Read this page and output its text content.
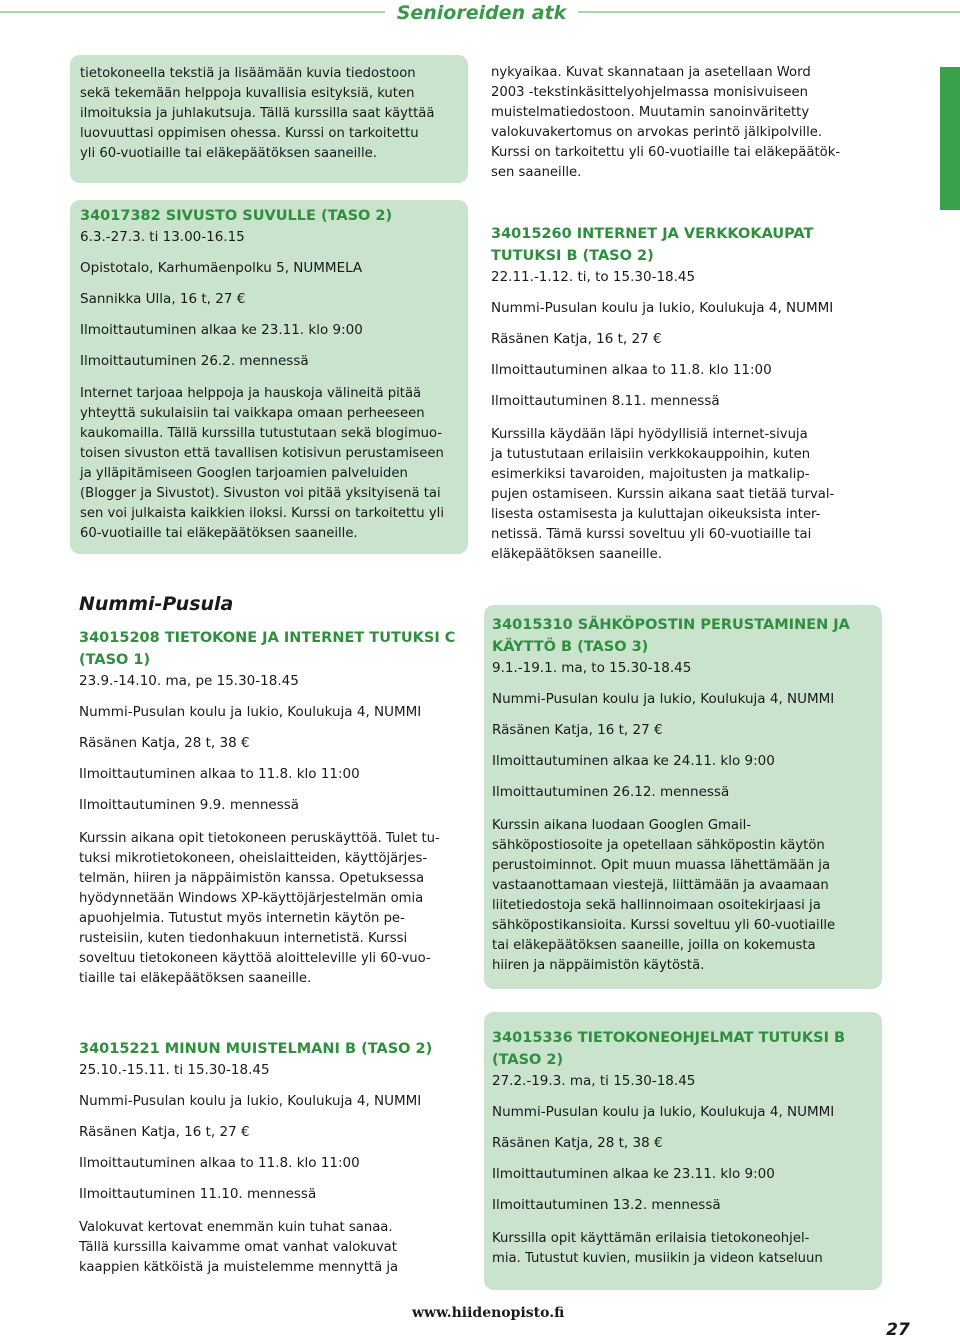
Senioreiden atk
tietokoneella tekstiä ja lisäämään kuvia tiedostoon
sekä tekemään helppoja kuvallisia esityksiä, kuten
ilmoituksia ja juhlakutsuja. Tällä kurssilla saat käyttää
luovuuttasi oppimisen ohessa. Kurssi on tarkoitettu
yli 60-vuotiaille tai eläkepäätöksen saaneille.
34017382 SIVUSTO SUVULLE (TASO 2)
6.3.-27.3. ti 13.00-16.15
Opistotalo, Karhumäenpolku 5, NUMMELA
Sannikka Ulla, 16 t, 27 €
Ilmoittautuminen alkaa ke 23.11. klo 9:00
Ilmoittautuminen 26.2. mennessä
Internet tarjoaa helppoja ja hauskoja välineitä pitää
yhteyttä sukulaisiin tai vaikkapa omaan perheeseen
kaukomailla. Tällä kurssilla tutustutaan sekä blogimuo-
toisen sivuston että tavallisen kotisivun perustamiseen
ja ylläpitämiseen Googlen tarjoamien palveluiden
(Blogger ja Sivustot). Sivuston voi pitää yksityisenä tai
sen voi julkaista kaikkien iloksi. Kurssi on tarkoitettu yli
60-vuotiaille tai eläkepäätöksen saaneille.
Nummi-Pusula
34015208 TIETOKONE JA INTERNET TUTUKSI C
(TASO 1)
23.9.-14.10. ma, pe 15.30-18.45
Nummi-Pusulan koulu ja lukio, Koulukuja 4, NUMMI
Räsänen Katja, 28 t, 38 €
Ilmoittautuminen alkaa to 11.8. klo 11:00
Ilmoittautuminen 9.9. mennessä
Kurssin aikana opit tietokoneen peruskäyttöä. Tulet tu-
tuksi mikrotietokoneen, oheislaitteiden, käyttöjärjes-
telmän, hiiren ja näppäimistön kanssa. Opetuksessa
hyödynnetään Windows XP-käyttöjärjestelmän omia
apuohjelmia. Tutustut myös internetin käytön pe-
rusteisiin, kuten tiedonhakuun internetistä. Kurssi
soveltuu tietokoneen käyttöä aloitteleville yli 60-vuo-
tiaille tai eläkepäätöksen saaneille.
34015221 MINUN MUISTELMANI B (TASO 2)
25.10.-15.11. ti 15.30-18.45
Nummi-Pusulan koulu ja lukio, Koulukuja 4, NUMMI
Räsänen Katja, 16 t, 27 €
Ilmoittautuminen alkaa to 11.8. klo 11:00
Ilmoittautuminen 11.10. mennessä
Valokuvat kertovat enemmän kuin tuhat sanaa.
Tällä kurssilla kaivamme omat vanhat valokuvat
kaappien kätköistä ja muistelemme mennyttä ja
nykyaikaa. Kuvat skannataan ja asetellaan Word
2003 -tekstinkäsittelyohjelmassa monisivuiseen
muistelmatiedostoon. Muutamin sanoinväritetty
valokuvakertomus on arvokas perintö jälkipolville.
Kurssi on tarkoitettu yli 60-vuotiaille tai eläkepäätök-
sen saaneille.
34015260 INTERNET JA VERKKOKAUPAT
TUTUKSI B (TASO 2)
22.11.-1.12. ti, to 15.30-18.45
Nummi-Pusulan koulu ja lukio, Koulukuja 4, NUMMI
Räsänen Katja, 16 t, 27 €
Ilmoittautuminen alkaa to 11.8. klo 11:00
Ilmoittautuminen 8.11. mennessä
Kurssilla käydään läpi hyödyllisiä internet-sivuja
ja tutustutaan erilaisiin verkkokauppoihin, kuten
esimerkiksi tavaroiden, majoitusten ja matkalip-
pujen ostamiseen. Kurssin aikana saat tietää turval-
lisesta ostamisesta ja kuluttajan oikeuksista inter-
netissä. Tämä kurssi soveltuu yli 60-vuotiaille tai
eläkepäätöksen saaneille.
34015310 SÄHKÖPOSTIN PERUSTAMINEN JA
KÄYTTÖ B (TASO 3)
9.1.-19.1. ma, to 15.30-18.45
Nummi-Pusulan koulu ja lukio, Koulukuja 4, NUMMI
Räsänen Katja, 16 t, 27 €
Ilmoittautuminen alkaa ke 24.11. klo 9:00
Ilmoittautuminen 26.12. mennessä
Kurssin aikana luodaan Googlen Gmail-
sähköpostiosoite ja opetellaan sähköpostin käytön
perustoiminnot. Opit muun muassa lähettämään ja
vastaanottamaan viestejä, liittämään ja avaamaan
liitetiedostoja sekä hallinnoimaan osoitekirjaasi ja
sähköpostikansioita. Kurssi soveltuu yli 60-vuotiaille
tai eläkepäätöksen saaneille, joilla on kokemusta
hiiren ja näppäimistön käytöstä.
34015336 TIETOKONEOHJELMAT TUTUKSI B
(TASO 2)
27.2.-19.3. ma, ti 15.30-18.45
Nummi-Pusulan koulu ja lukio, Koulukuja 4, NUMMI
Räsänen Katja, 28 t, 38 €
Ilmoittautuminen alkaa ke 23.11. klo 9:00
Ilmoittautuminen 13.2. mennessä
Kurssilla opit käyttämän erilaisia tietokoneohjel-
mia. Tutustut kuvien, musiikin ja videon katseluun
www.hiidenopisto.fi
27
